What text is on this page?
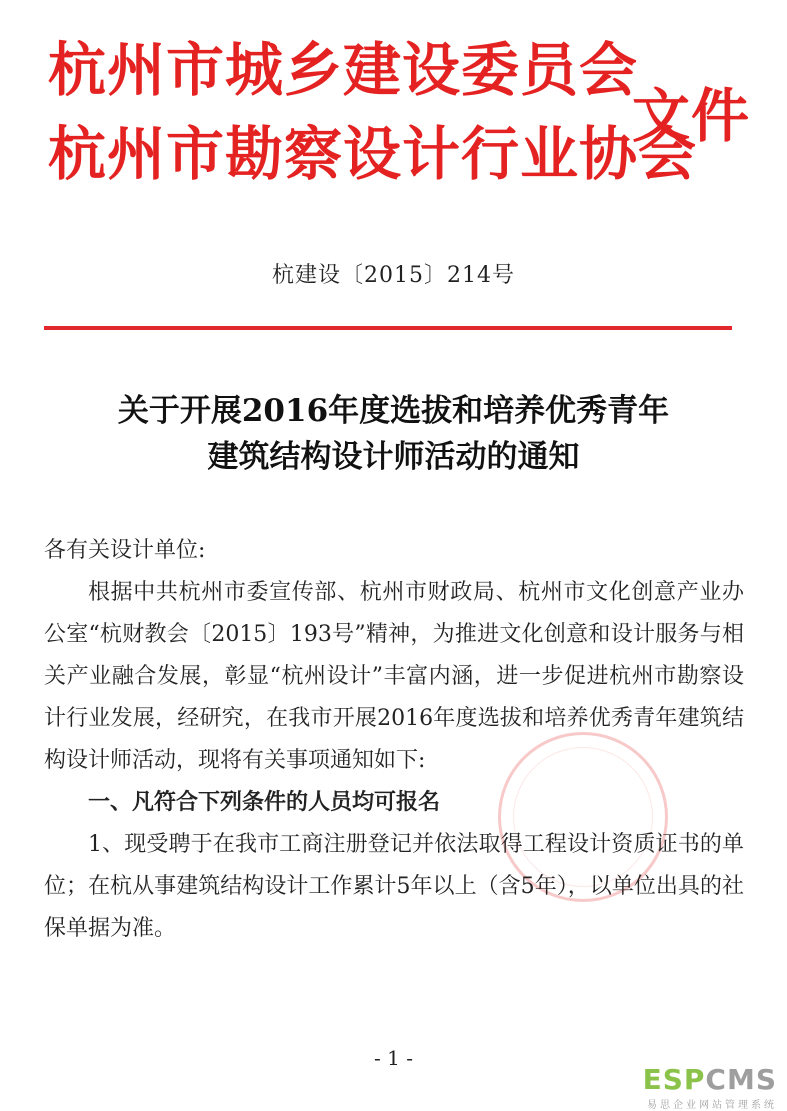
杭州市城乡建设委员会
杭州市勘察设计行业协会
文件
杭建设〔2015〕214号
关于开展2016年度选拔和培养优秀青年
建筑结构设计师活动的通知
各有关设计单位:

根据中共杭州市委宣传部、杭州市财政局、杭州市文化创意产业办公室“杭财教会〔2015〕193号”精神，为推进文化创意和设计服务与相关产业融合发展，彰显“杭州设计”丰富内涵，进一步促进杭州市勘察设计行业发展，经研究，在我市开展2016年度选拔和培养优秀青年建筑结构设计师活动，现将有关事项通知如下:

一、凡符合下列条件的人员均可报名

1、现受聘于在我市工商注册登记并依法取得工程设计资质证书的单位；在杭从事建筑结构设计工作累计5年以上（含5年），以单位出具的社保单据为准。

- 1 -
ESP CMS
易思企业网站管理系统
